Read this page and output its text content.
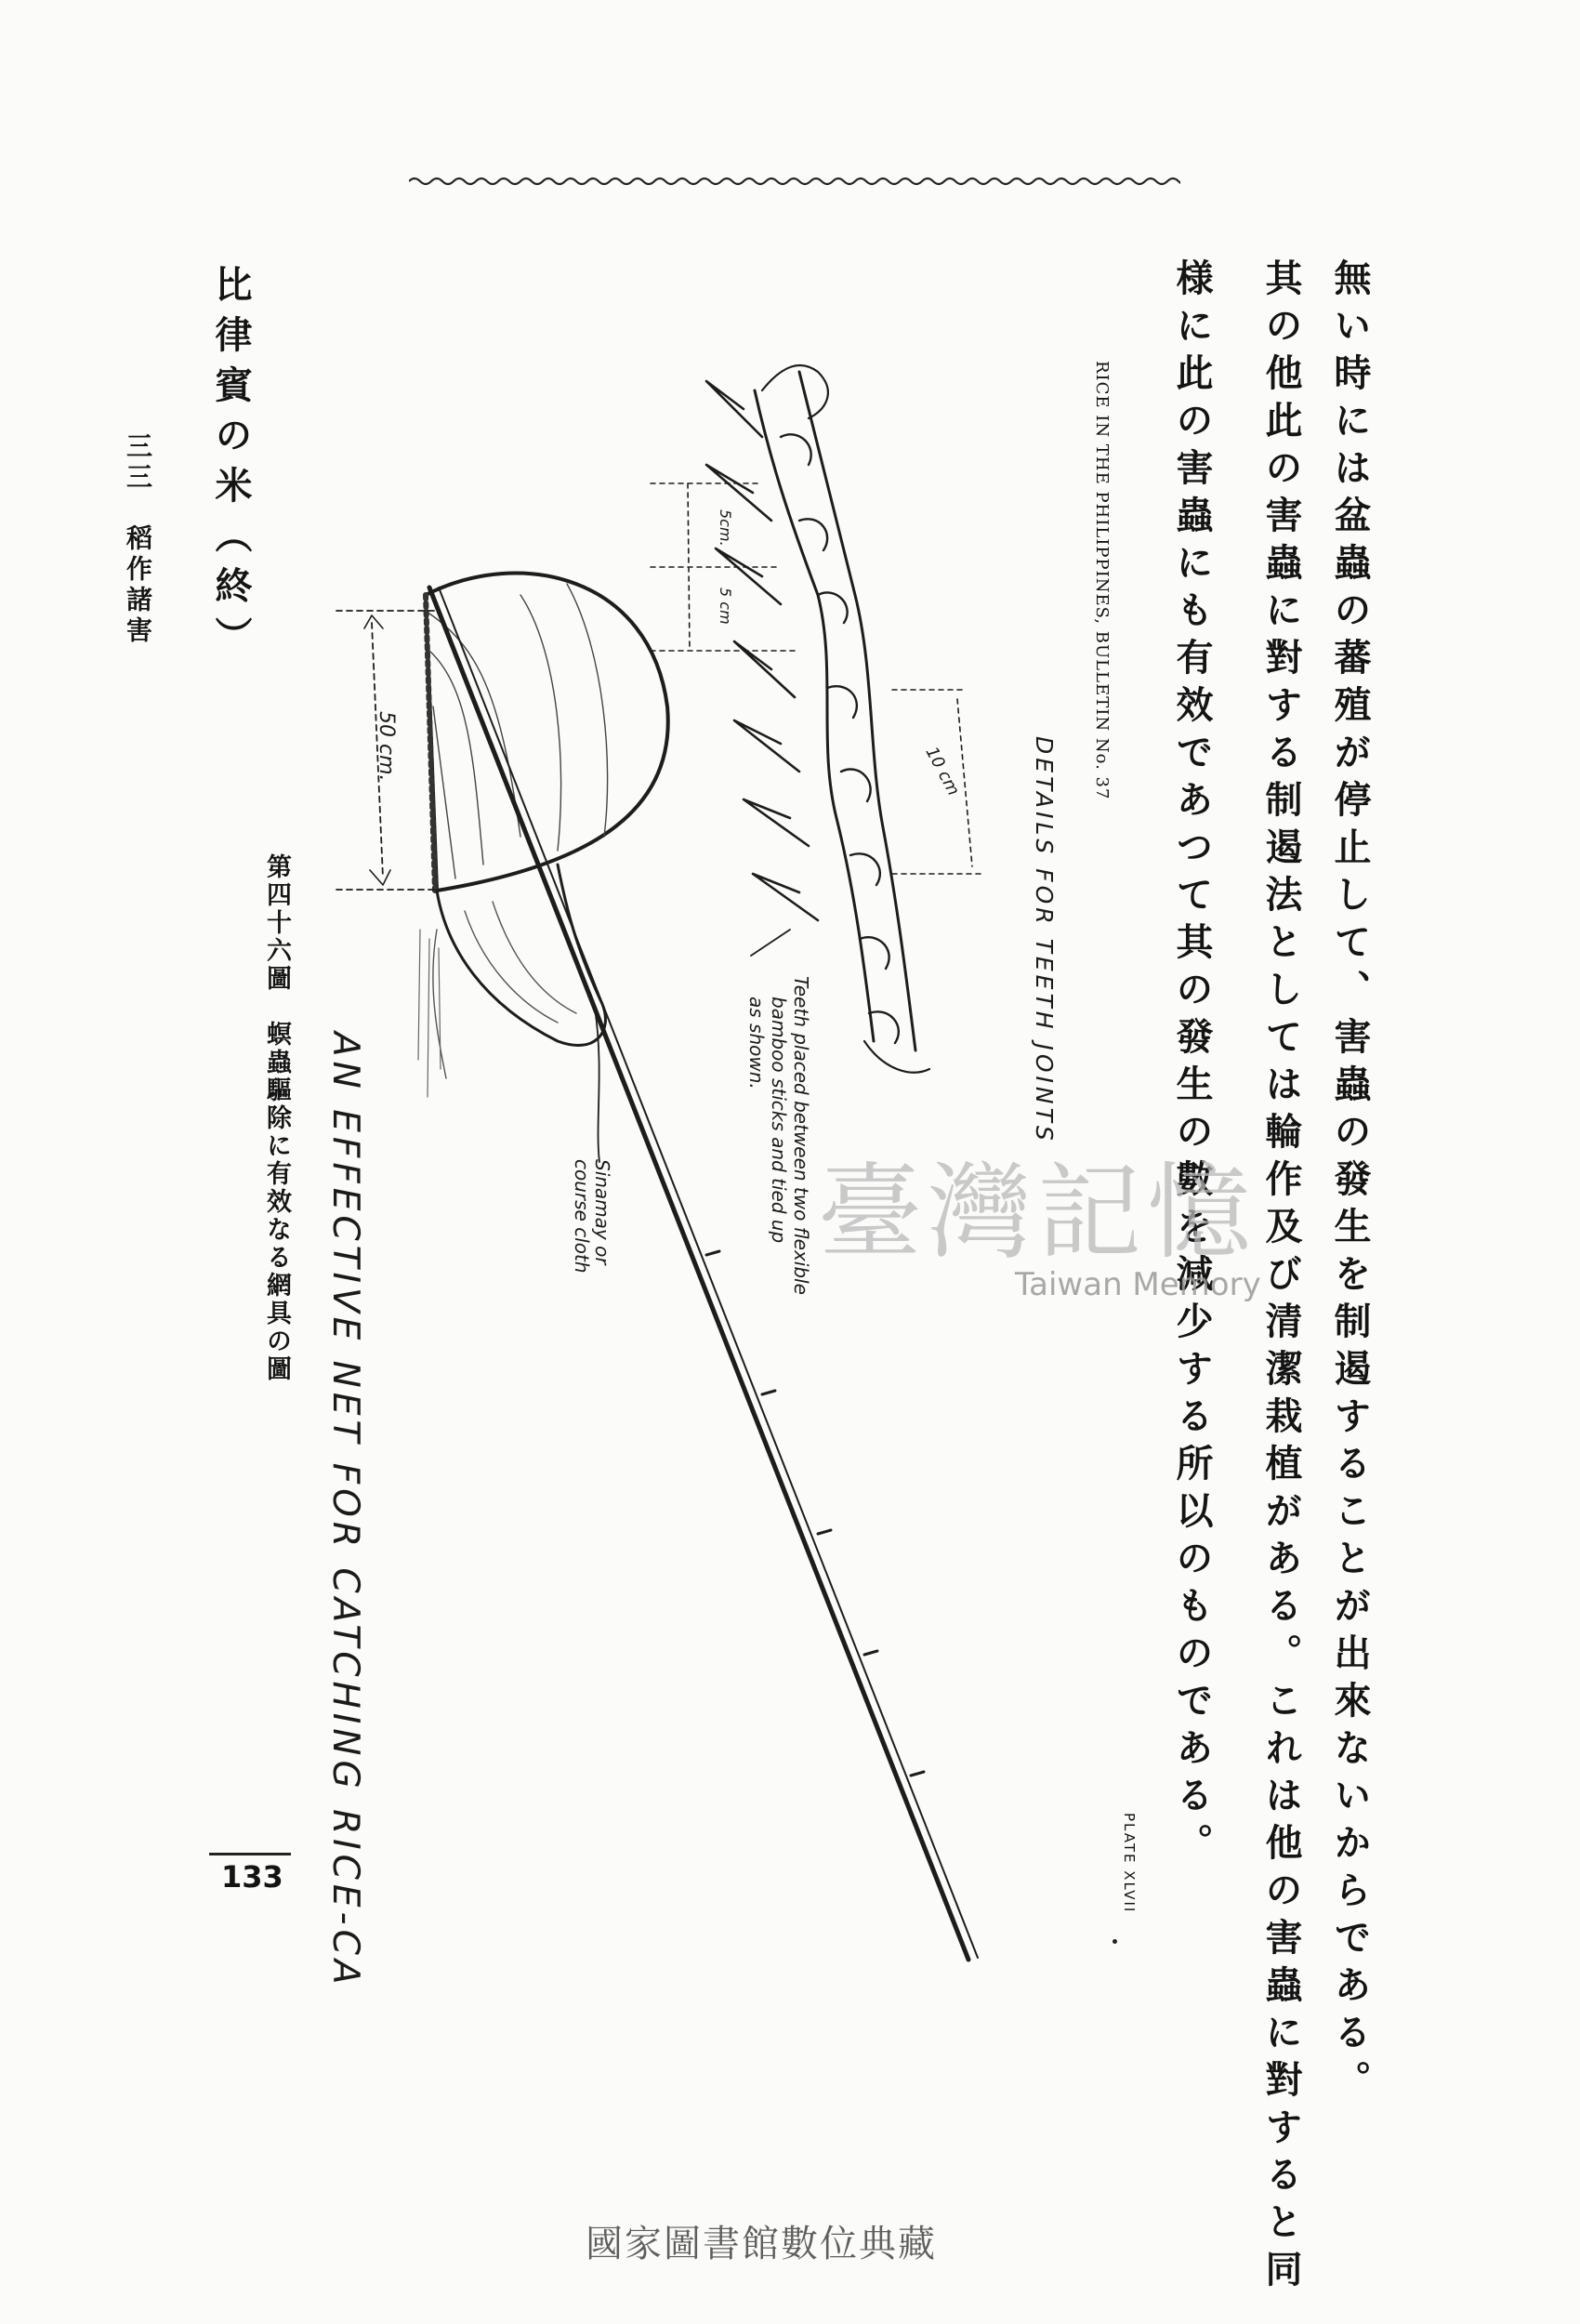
無い時には盆蟲の蕃殖が停止して、害蟲の發生を制遏することが出來ないからである。
其の他此の害蟲に對する制遏法としては輪作及び清潔栽植がある。これは他の害蟲に對すると同
様に此の害蟲にも有效であつて其の發生の數を減少する所以のものである。
比律賓の米（終）
三三　稻作諸害
133
第四十六圖　螟蟲驅除に有效なる網具の圖 AN EFFECTIVE NET FOR CATCHING RICE-CA
DETAILS FOR TEETH JOINTS
RICE IN THE PHILIPPINES, BULLETIN No. 37
PLATE XLVII
Teeth placed between two flexible
bamboo sticks and tied up
as shown.
Sinamay or
course cloth
50 cm.
5cm.
5 cm
10 cm
臺灣記憶
Taiwan Memory
國家圖書館數位典藏
